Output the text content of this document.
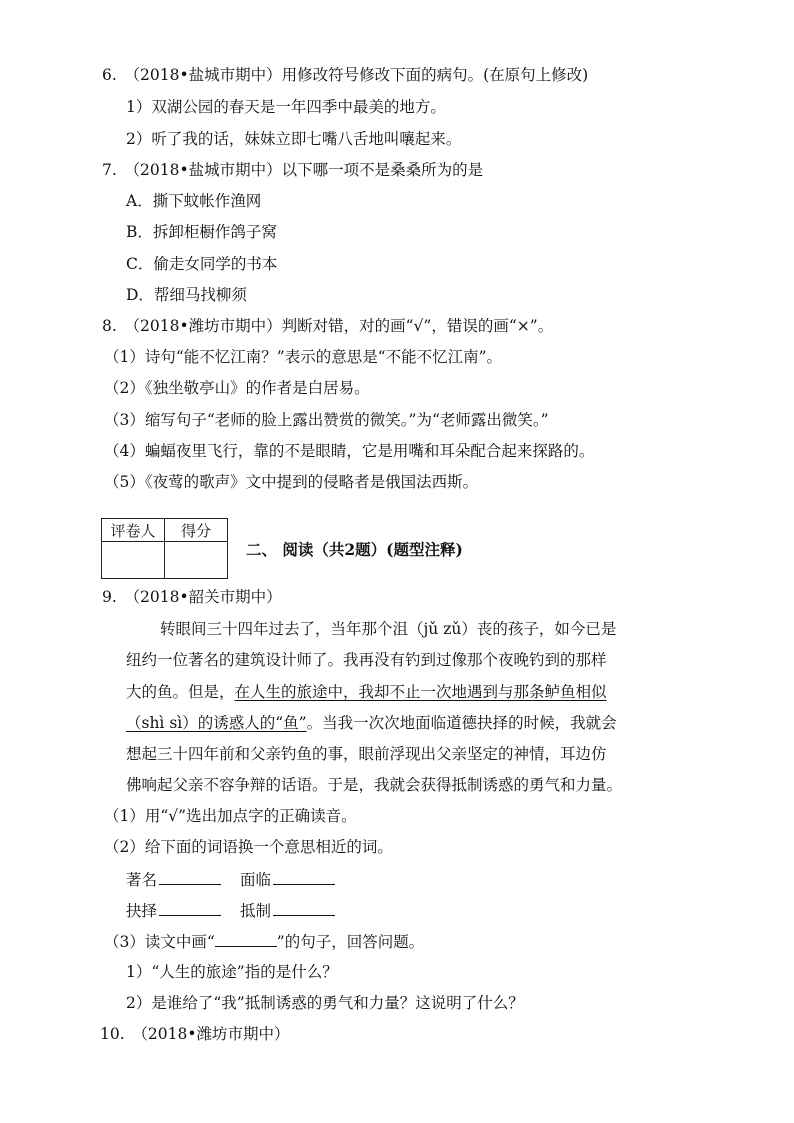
6.　（2018•盐城市期中）用修改符号修改下面的病句。(在原句上修改)
1）双湖公园的春天是一年四季中最美的地方。
2）听了我的话，妹妹立即七嘴八舌地叫嚷起来。
7.　（2018•盐城市期中）以下哪一项不是桑桑所为的是
A．撕下蚊帐作渔网
B．拆卸柜橱作鸽子窝
C．偷走女同学的书本
D．帮细马找柳须
8.　（2018•潍坊市期中）判断对错，对的画“√”，错误的画“×”。
（1）诗句“能不忆江南？”表示的意思是“不能不忆江南”。
（2）《独坐敬亭山》的作者是白居易。
（3）缩写句子“老师的脸上露出赞赏的微笑。”为“老师露出微笑。”
（4）蝙蝠夜里飞行，靠的不是眼睛，它是用嘴和耳朵配合起来探路的。
（5）《夜莺的歌声》文中提到的侵略者是俄国法西斯。
评卷人	得分

二、 阅读（共2题）(题型注释)
9.　（2018•韶关市期中）
转眼间三十四年过去了，当年那个沮（jǔ zǔ）丧的孩子，如今已是
纽约一位著名的建筑设计师了。我再没有钓到过像那个夜晚钓到的那样
大的鱼。但是，在人生的旅途中，我却不止一次地遇到与那条鲈鱼相似
（shì sì）的诱惑人的“鱼”。当我一次次地面临道德抉择的时候，我就会
想起三十四年前和父亲钓鱼的事，眼前浮现出父亲坚定的神情，耳边仿
佛响起父亲不容争辩的话语。于是，我就会获得抵制诱惑的勇气和力量。
（1）用“√”选出加点字的正确读音。
（2）给下面的词语换一个意思相近的词。
著名	面临
抉择	抵制
（3）读文中画“	”的句子，回答问题。
1）“人生的旅途”指的是什么？
2）是谁给了“我”抵制诱惑的勇气和力量？这说明了什么？
10.　（2018•潍坊市期中）
